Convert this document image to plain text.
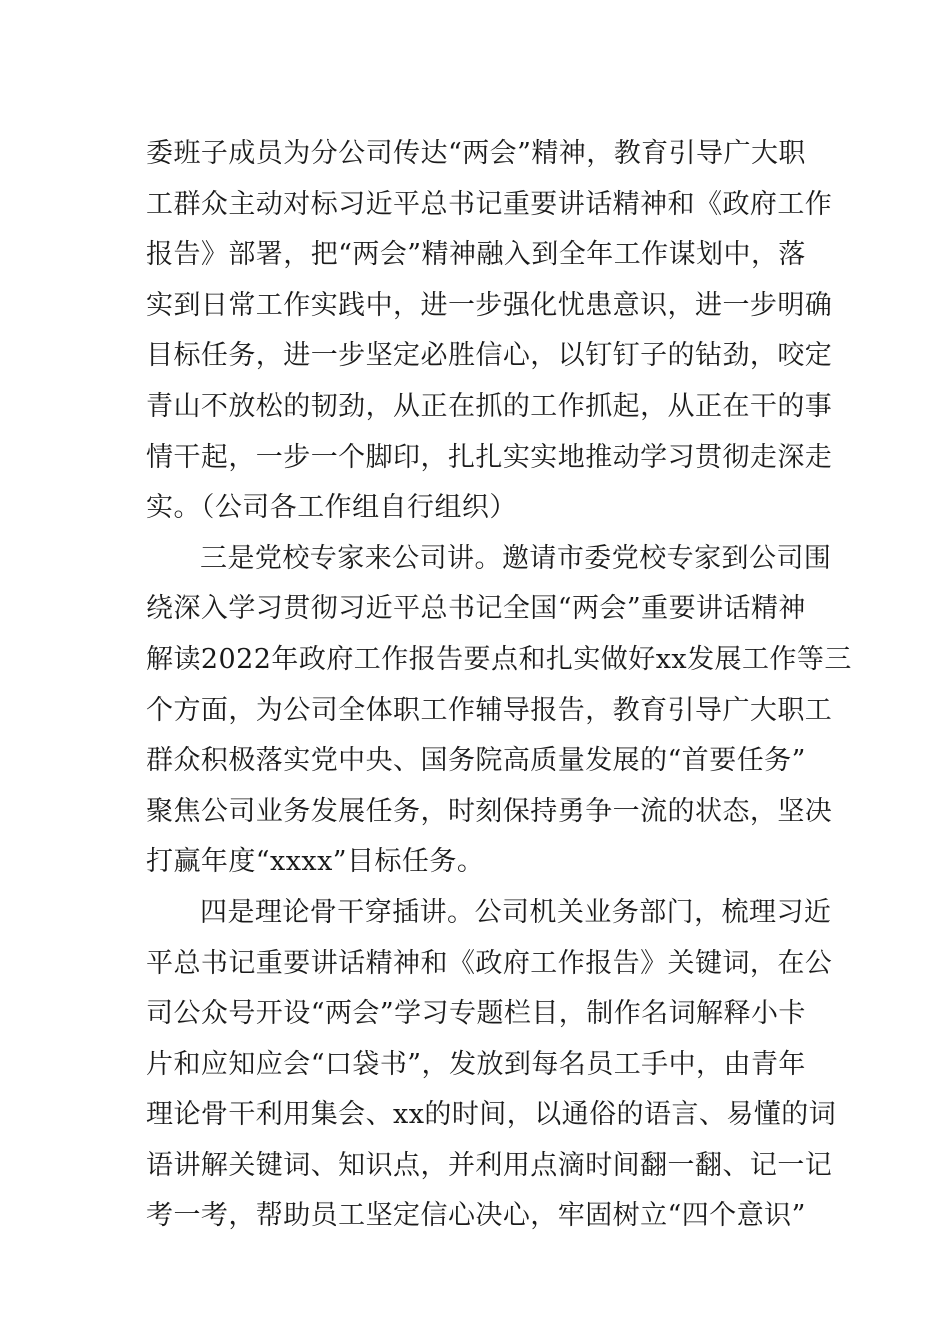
委班子成员为分公司传达“两会”精神，教育引导广大职
工群众主动对标习近平总书记重要讲话精神和《政府工作
报告》部署，把“两会”精神融入到全年工作谋划中，落
实到日常工作实践中，进一步强化忧患意识，进一步明确
目标任务，进一步坚定必胜信心，以钉钉子的钻劲，咬定
青山不放松的韧劲，从正在抓的工作抓起，从正在干的事
情干起，一步一个脚印，扎扎实实地推动学习贯彻走深走
实。（公司各工作组自行组织）
三是党校专家来公司讲。邀请市委党校专家到公司围
绕深入学习贯彻习近平总书记全国“两会”重要讲话精神
解读2022年政府工作报告要点和扎实做好xx发展工作等三
个方面，为公司全体职工作辅导报告，教育引导广大职工
群众积极落实党中央、国务院高质量发展的“首要任务”
聚焦公司业务发展任务，时刻保持勇争一流的状态，坚决
打赢年度“xxxx”目标任务。
四是理论骨干穿插讲。公司机关业务部门，梳理习近
平总书记重要讲话精神和《政府工作报告》关键词，在公
司公众号开设“两会”学习专题栏目，制作名词解释小卡
片和应知应会“口袋书”，发放到每名员工手中，由青年
理论骨干利用集会、xx的时间，以通俗的语言、易懂的词
语讲解关键词、知识点，并利用点滴时间翻一翻、记一记
考一考，帮助员工坚定信心决心，牢固树立“四个意识”
